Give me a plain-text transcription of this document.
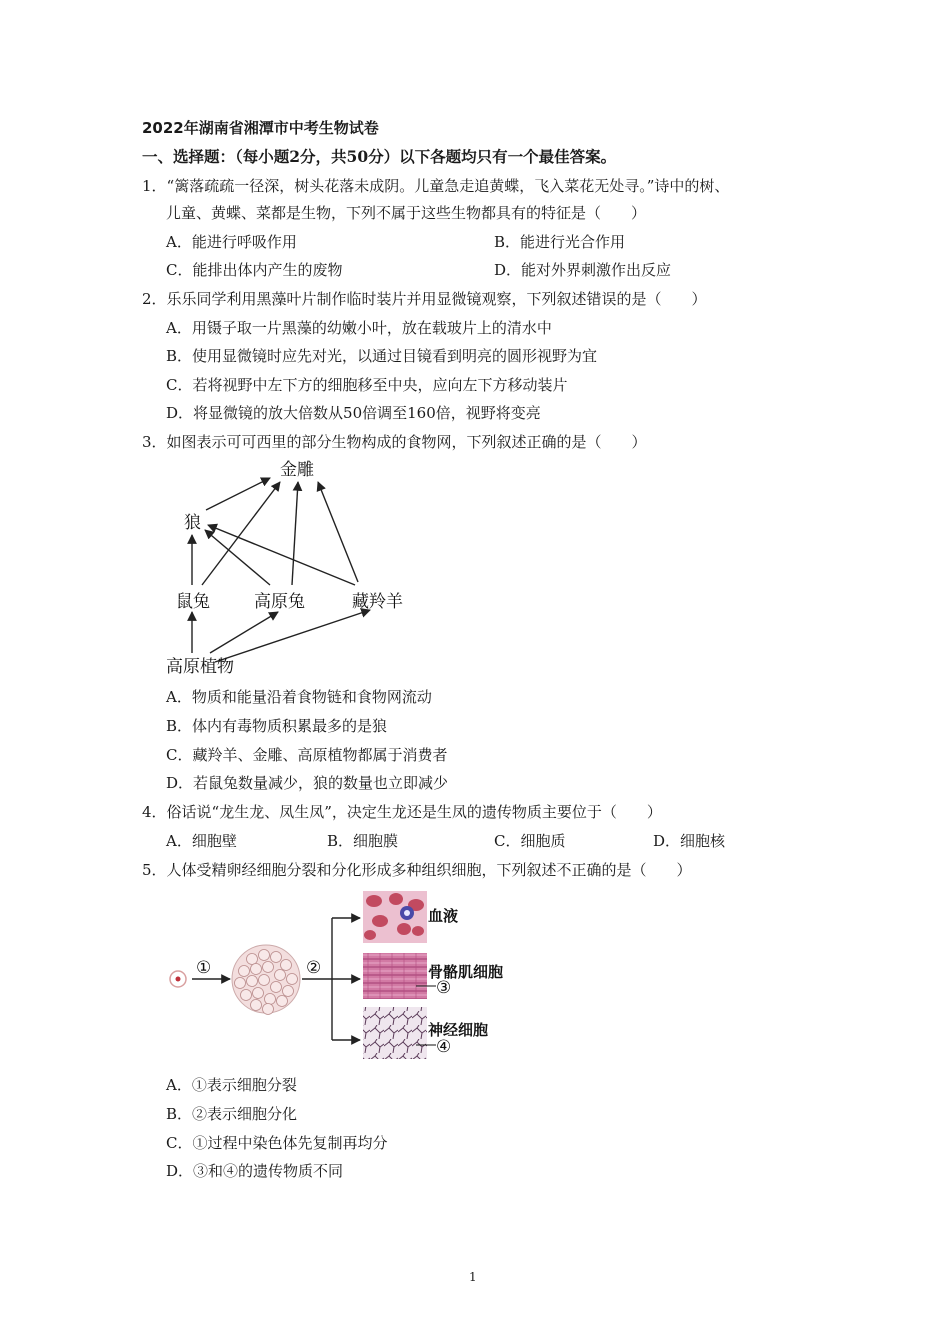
2022年湖南省湘潭市中考生物试卷
一、选择题：（每小题2分，共50分）以下各题均只有一个最佳答案。
1．“篱落疏疏一径深，树头花落未成阴。儿童急走追黄蝶，飞入菜花无处寻。”诗中的树、
儿童、黄蝶、菜都是生物，下列不属于这些生物都具有的特征是（　　）
A．能进行呼吸作用	B．能进行光合作用
C．能排出体内产生的废物	D．能对外界刺激作出反应
2．乐乐同学利用黑藻叶片制作临时装片并用显微镜观察，下列叙述错误的是（　　）
A．用镊子取一片黑藻的幼嫩小叶，放在载玻片上的清水中
B．使用显微镜时应先对光，以通过目镜看到明亮的圆形视野为宜
C．若将视野中左下方的细胞移至中央，应向左下方移动装片
D．将显微镜的放大倍数从50倍调至160倍，视野将变亮
3．如图表示可可西里的部分生物构成的食物网，下列叙述正确的是（　　）
金雕
狼
鼠兔	高原兔	藏羚羊
高原植物
A．物质和能量沿着食物链和食物网流动
B．体内有毒物质积累最多的是狼
C．藏羚羊、金雕、高原植物都属于消费者
D．若鼠兔数量减少，狼的数量也立即减少
4．俗话说“龙生龙、凤生凤”，决定生龙还是生凤的遗传物质主要位于（　　）
A．细胞壁	B．细胞膜	C．细胞质	D．细胞核
5．人体受精卵经细胞分裂和分化形成多种组织细胞，下列叙述不正确的是（　　）
①	②
血液
骨骼肌细胞
③
神经细胞
④
A．①表示细胞分裂
B．②表示细胞分化
C．①过程中染色体先复制再均分
D．③和④的遗传物质不同
1
